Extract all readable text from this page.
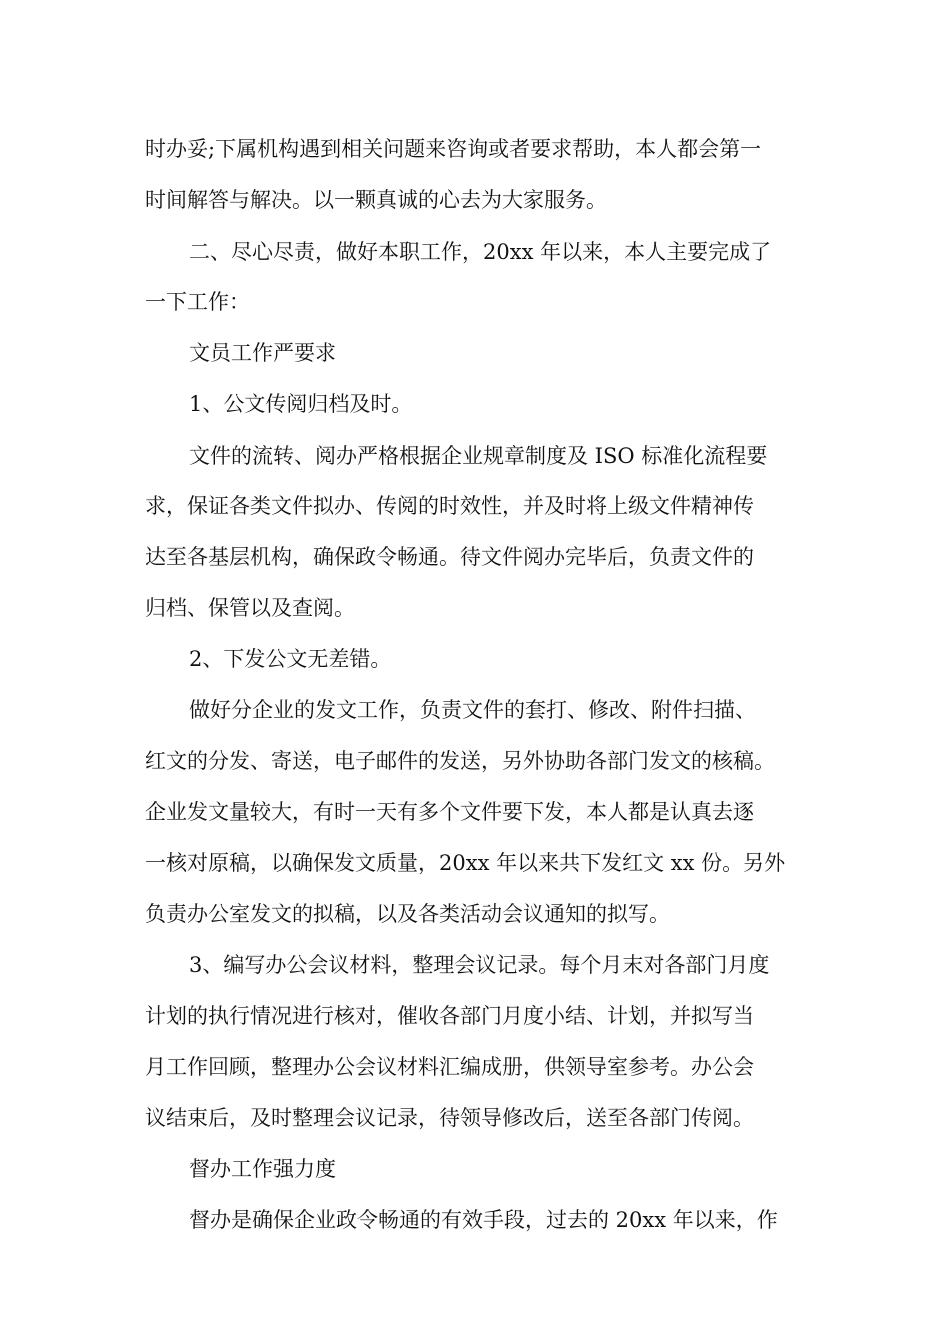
时办妥;下属机构遇到相关问题来咨询或者要求帮助，本人都会第一
时间解答与解决。以一颗真诚的心去为大家服务。
二、尽心尽责，做好本职工作，20xx 年以来，本人主要完成了
一下工作：
文员工作严要求
1、公文传阅归档及时。
文件的流转、阅办严格根据企业规章制度及 ISO 标准化流程要
求，保证各类文件拟办、传阅的时效性，并及时将上级文件精神传
达至各基层机构，确保政令畅通。待文件阅办完毕后，负责文件的
归档、保管以及查阅。
2、下发公文无差错。
做好分企业的发文工作，负责文件的套打、修改、附件扫描、
红文的分发、寄送，电子邮件的发送，另外协助各部门发文的核稿。
企业发文量较大，有时一天有多个文件要下发，本人都是认真去逐
一核对原稿，以确保发文质量，20xx 年以来共下发红文 xx 份。另外
负责办公室发文的拟稿，以及各类活动会议通知的拟写。
3、编写办公会议材料，整理会议记录。每个月末对各部门月度
计划的执行情况进行核对，催收各部门月度小结、计划，并拟写当
月工作回顾，整理办公会议材料汇编成册，供领导室参考。办公会
议结束后，及时整理会议记录，待领导修改后，送至各部门传阅。
督办工作强力度
督办是确保企业政令畅通的有效手段，过去的 20xx 年以来，作
